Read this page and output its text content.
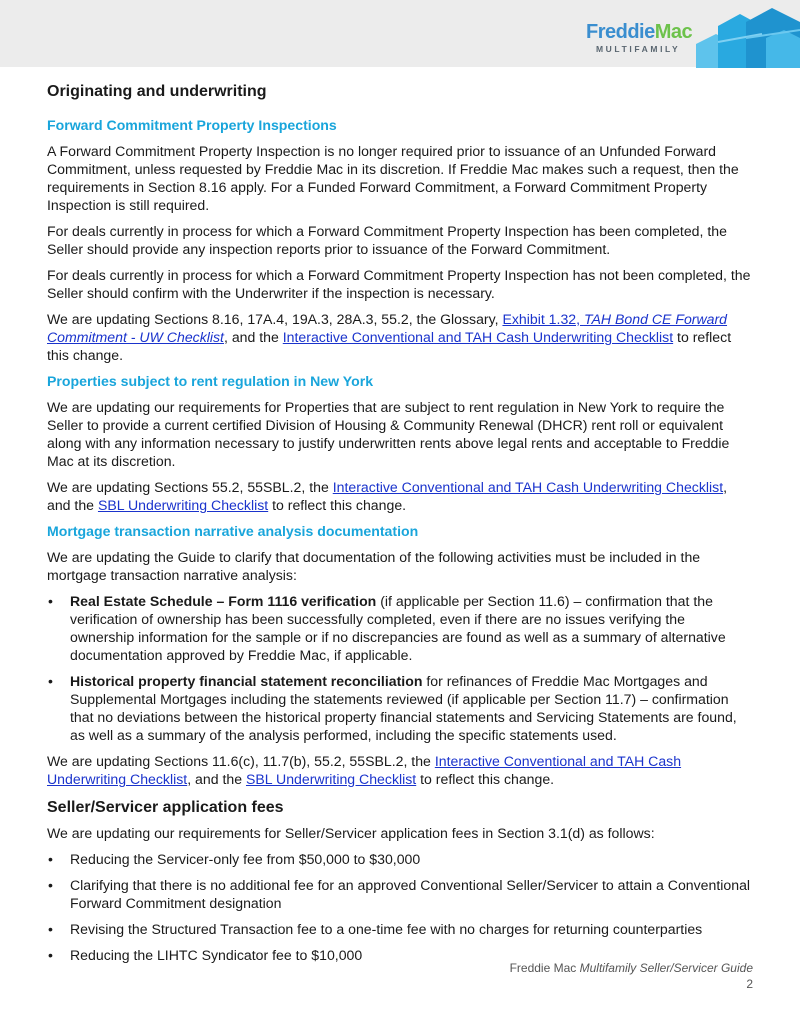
FreddieMac
MULTIFAMILY
Originating and underwriting
Forward Commitment Property Inspections

A Forward Commitment Property Inspection is no longer required prior to issuance of an Unfunded Forward Commitment, unless requested by Freddie Mac in its discretion. If Freddie Mac makes such a request, then the requirements in Section 8.16 apply. For a Funded Forward Commitment, a Forward Commitment Property Inspection is still required.

For deals currently in process for which a Forward Commitment Property Inspection has been completed, the Seller should provide any inspection reports prior to issuance of the Forward Commitment.

For deals currently in process for which a Forward Commitment Property Inspection has not been completed, the Seller should confirm with the Underwriter if the inspection is necessary.

We are updating Sections 8.16, 17A.4, 19A.3, 28A.3, 55.2, the Glossary, Exhibit 1.32, TAH Bond CE Forward Commitment - UW Checklist, and the Interactive Conventional and TAH Cash Underwriting Checklist to reflect this change.

Properties subject to rent regulation in New York

We are updating our requirements for Properties that are subject to rent regulation in New York to require the Seller to provide a current certified Division of Housing & Community Renewal (DHCR) rent roll or equivalent along with any information necessary to justify underwritten rents above legal rents and acceptable to Freddie Mac at its discretion.

We are updating Sections 55.2, 55SBL.2, the Interactive Conventional and TAH Cash Underwriting Checklist, and the SBL Underwriting Checklist to reflect this change.

Mortgage transaction narrative analysis documentation

We are updating the Guide to clarify that documentation of the following activities must be included in the mortgage transaction narrative analysis:

• Real Estate Schedule – Form 1116 verification (if applicable per Section 11.6) – confirmation that the verification of ownership has been successfully completed, even if there are no issues verifying the ownership information for the sample or if no discrepancies are found as well as a summary of alternative documentation approved by Freddie Mac, if applicable.
• Historical property financial statement reconciliation for refinances of Freddie Mac Mortgages and Supplemental Mortgages including the statements reviewed (if applicable per Section 11.7) – confirmation that no deviations between the historical property financial statements and Servicing Statements are found, as well as a summary of the analysis performed, including the specific statements used.

We are updating Sections 11.6(c), 11.7(b), 55.2, 55SBL.2, the Interactive Conventional and TAH Cash Underwriting Checklist, and the SBL Underwriting Checklist to reflect this change.

Seller/Servicer application fees

We are updating our requirements for Seller/Servicer application fees in Section 3.1(d) as follows:

• Reducing the Servicer-only fee from $50,000 to $30,000
• Clarifying that there is no additional fee for an approved Conventional Seller/Servicer to attain a Conventional Forward Commitment designation
• Revising the Structured Transaction fee to a one-time fee with no charges for returning counterparties
• Reducing the LIHTC Syndicator fee to $10,000
Freddie Mac Multifamily Seller/Servicer Guide
2
